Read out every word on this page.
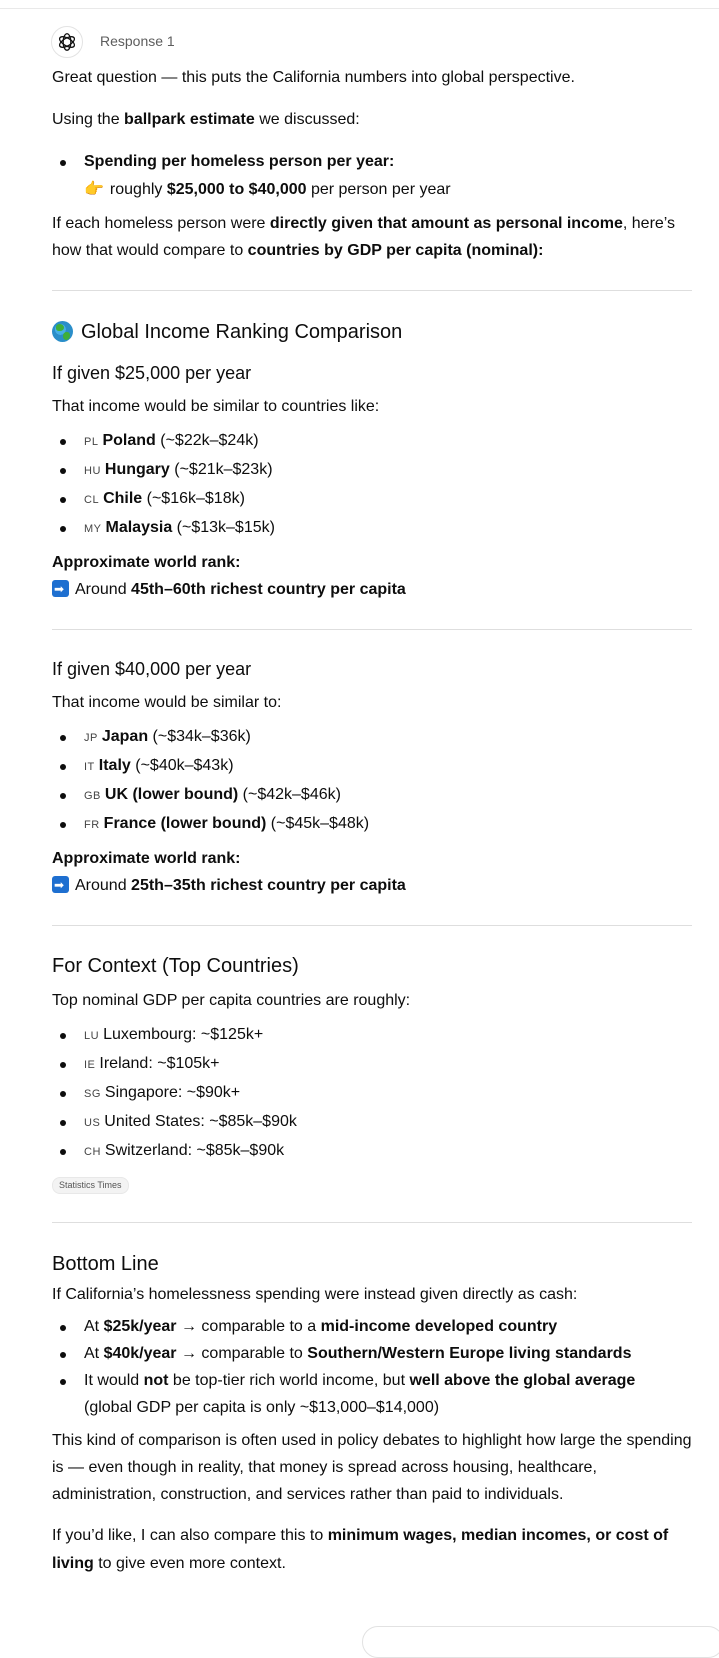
Response 1

Great question — this puts the California numbers into global perspective.

Using the ballpark estimate we discussed:

Spending per homeless person per year:
👉 roughly $25,000 to $40,000 per person per year

If each homeless person were directly given that amount as personal income, here’s how that would compare to countries by GDP per capita (nominal):

Global Income Ranking Comparison
If given $25,000 per year

That income would be similar to countries like:

PL Poland (~$22k–$24k)
HU Hungary (~$21k–$23k)
CL Chile (~$16k–$18k)
MY Malaysia (~$13k–$15k)

Approximate world rank:

➡Around 45th–60th richest country per capita

If given $40,000 per year

That income would be similar to:

JP Japan (~$34k–$36k)
IT Italy (~$40k–$43k)
GB UK (lower bound) (~$42k–$46k)
FR France (lower bound) (~$45k–$48k)

Approximate world rank:

➡Around 25th–35th richest country per capita

For Context (Top Countries)

Top nominal GDP per capita countries are roughly:

LU Luxembourg: ~$125k+
IE Ireland: ~$105k+
SG Singapore: ~$90k+
US United States: ~$85k–$90k
CH Switzerland: ~$85k–$90k
Statistics Times
Bottom Line

If California’s homelessness spending were instead given directly as cash:

At $25k/year → comparable to a mid-income developed country
At $40k/year → comparable to Southern/Western Europe living standards
It would not be top-tier rich world income, but well above the global average
(global GDP per capita is only ~$13,000–$14,000)

This kind of comparison is often used in policy debates to highlight how large the spending is — even though in reality, that money is spread across housing, healthcare, administration, construction, and services rather than paid to individuals.

If you’d like, I can also compare this to minimum wages, median incomes, or cost of living to give even more context.
